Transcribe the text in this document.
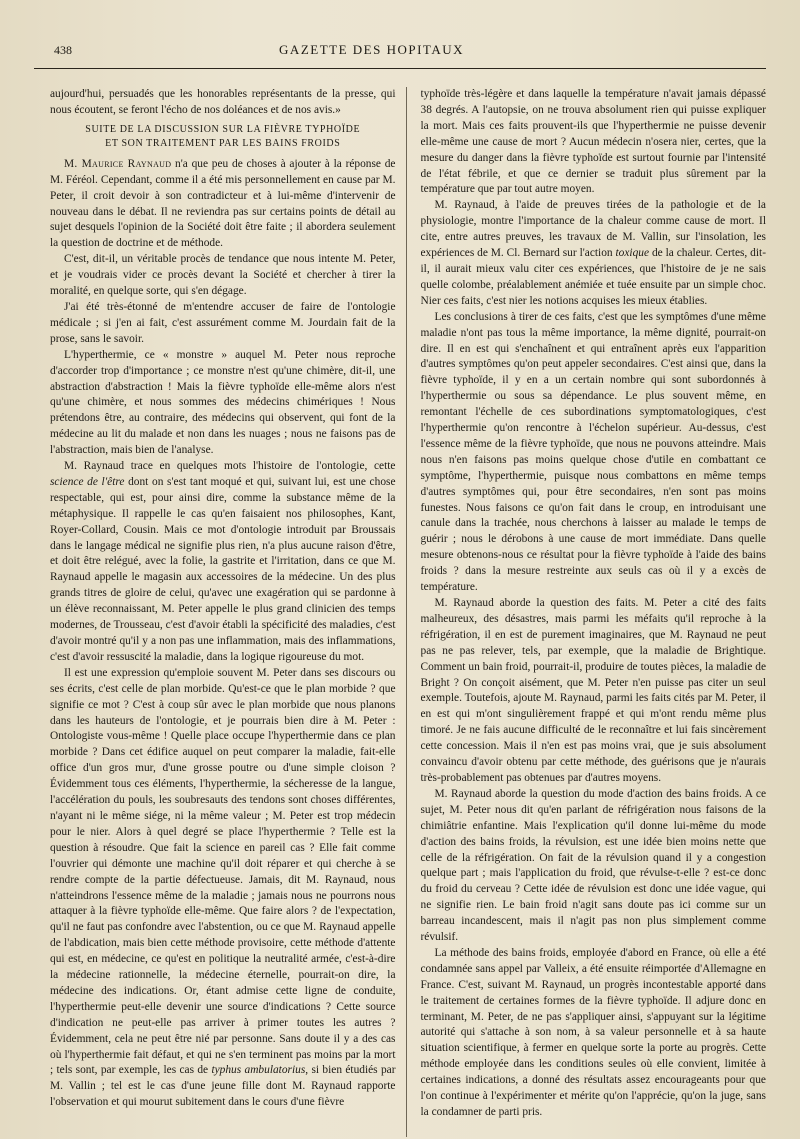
438	GAZETTE DES HOPITAUX

aujourd'hui, persuadés que les honorables représentants de la presse, qui nous écoutent, se feront l'écho de nos doléances et de nos avis.»

SUITE DE LA DISCUSSION SUR LA FIÈVRE TYPHOÏDE
ET SON TRAITEMENT PAR LES BAINS FROIDS

M. Maurice Raynaud n'a que peu de choses à ajouter à la réponse de M. Féréol. Cependant, comme il a été mis personnellement en cause par M. Peter, il croit devoir à son contradicteur et à lui-même d'intervenir de nouveau dans le débat. Il ne reviendra pas sur certains points de détail au sujet desquels l'opinion de la Société doit être faite ; il abordera seulement la question de doctrine et de méthode.

C'est, dit-il, un véritable procès de tendance que nous intente M. Peter, et je voudrais vider ce procès devant la Société et chercher à tirer la moralité, en quelque sorte, qui s'en dégage.

J'ai été très-étonné de m'entendre accuser de faire de l'ontologie médicale ; si j'en ai fait, c'est assurément comme M. Jourdain fait de la prose, sans le savoir.

L'hyperthermie, ce « monstre » auquel M. Peter nous reproche d'accorder trop d'importance ; ce monstre n'est qu'une chimère, dit-il, une abstraction d'abstraction ! Mais la fièvre typhoïde elle-même alors n'est qu'une chimère, et nous sommes des médecins chimériques ! Nous prétendons être, au contraire, des médecins qui observent, qui font de la médecine au lit du malade et non dans les nuages ; nous ne faisons pas de l'abstraction, mais bien de l'analyse.

M. Raynaud trace en quelques mots l'histoire de l'ontologie, cette science de l'être dont on s'est tant moqué et qui, suivant lui, est une chose respectable, qui est, pour ainsi dire, comme la substance même de la métaphysique. Il rappelle le cas qu'en faisaient nos philosophes, Kant, Royer-Collard, Cousin. Mais ce mot d'ontologie introduit par Broussais dans le langage médical ne signifie plus rien, n'a plus aucune raison d'être, et doit être relégué, avec la folie, la gastrite et l'irritation, dans ce que M. Raynaud appelle le magasin aux accessoires de la médecine. Un des plus grands titres de gloire de celui, qu'avec une exagération qui se pardonne à un élève reconnaissant, M. Peter appelle le plus grand clinicien des temps modernes, de Trousseau, c'est d'avoir établi la spécificité des maladies, c'est d'avoir montré qu'il y a non pas une inflammation, mais des inflammations, c'est d'avoir ressuscité la maladie, dans la logique rigoureuse du mot.

Il est une expression qu'emploie souvent M. Peter dans ses discours ou ses écrits, c'est celle de plan morbide. Qu'est-ce que le plan morbide ? que signifie ce mot ? C'est à coup sûr avec le plan morbide que nous planons dans les hauteurs de l'ontologie, et je pourrais bien dire à M. Peter : Ontologiste vous-même ! Quelle place occupe l'hyperthermie dans ce plan morbide ? Dans cet édifice auquel on peut comparer la maladie, fait-elle office d'un gros mur, d'une grosse poutre ou d'une simple cloison ? Évidemment tous ces éléments, l'hyperthermie, la sécheresse de la langue, l'accélération du pouls, les soubresauts des tendons sont choses différentes, n'ayant ni le même siége, ni la même valeur ; M. Peter est trop médecin pour le nier. Alors à quel degré se place l'hyperthermie ? Telle est la question à résoudre. Que fait la science en pareil cas ? Elle fait comme l'ouvrier qui démonte une machine qu'il doit réparer et qui cherche à se rendre compte de la partie défectueuse. Jamais, dit M. Raynaud, nous n'atteindrons l'essence même de la maladie ; jamais nous ne pourrons nous attaquer à la fièvre typhoïde elle-même. Que faire alors ? de l'expectation, qu'il ne faut pas confondre avec l'abstention, ou ce que M. Raynaud appelle de l'abdication, mais bien cette méthode provisoire, cette méthode d'attente qui est, en médecine, ce qu'est en politique la neutralité armée, c'est-à-dire la médecine rationnelle, la médecine éternelle, pourrait-on dire, la médecine des indications. Or, étant admise cette ligne de conduite, l'hyperthermie peut-elle devenir une source d'indications ? Cette source d'indication ne peut-elle pas arriver à primer toutes les autres ? Évidemment, cela ne peut être nié par personne. Sans doute il y a des cas où l'hyperthermie fait défaut, et qui ne s'en terminent pas moins par la mort ; tels sont, par exemple, les cas de typhus ambulatorius, si bien étudiés par M. Vallin ; tel est le cas d'une jeune fille dont M. Raynaud rapporte l'observation et qui mourut subitement dans le cours d'une fièvre

typhoïde très-légère et dans laquelle la température n'avait jamais dépassé 38 degrés. A l'autopsie, on ne trouva absolument rien qui puisse expliquer la mort. Mais ces faits prouvent-ils que l'hyperthermie ne puisse devenir elle-même une cause de mort ? Aucun médecin n'osera nier, certes, que la mesure du danger dans la fièvre typhoïde est surtout fournie par l'intensité de l'état fébrile, et que ce dernier se traduit plus sûrement par la température que par tout autre moyen.

M. Raynaud, à l'aide de preuves tirées de la pathologie et de la physiologie, montre l'importance de la chaleur comme cause de mort. Il cite, entre autres preuves, les travaux de M. Vallin, sur l'insolation, les expériences de M. Cl. Bernard sur l'action toxique de la chaleur. Certes, dit-il, il aurait mieux valu citer ces expériences, que l'histoire de je ne sais quelle colombe, préalablement anémiée et tuée ensuite par un simple choc. Nier ces faits, c'est nier les notions acquises les mieux établies.

Les conclusions à tirer de ces faits, c'est que les symptômes d'une même maladie n'ont pas tous la même importance, la même dignité, pourrait-on dire. Il en est qui s'enchaînent et qui entraînent après eux l'apparition d'autres symptômes qu'on peut appeler secondaires. C'est ainsi que, dans la fièvre typhoïde, il y en a un certain nombre qui sont subordonnés à l'hyperthermie ou sous sa dépendance. Le plus souvent même, en remontant l'échelle de ces subordinations symptomatologiques, c'est l'hyperthermie qu'on rencontre à l'échelon supérieur. Au-dessus, c'est l'essence même de la fièvre typhoïde, que nous ne pouvons atteindre. Mais nous n'en faisons pas moins quelque chose d'utile en combattant ce symptôme, l'hyperthermie, puisque nous combattons en même temps d'autres symptômes qui, pour être secondaires, n'en sont pas moins funestes. Nous faisons ce qu'on fait dans le croup, en introduisant une canule dans la trachée, nous cherchons à laisser au malade le temps de guérir ; nous le dérobons à une cause de mort immédiate. Dans quelle mesure obtenons-nous ce résultat pour la fièvre typhoïde à l'aide des bains froids ? dans la mesure restreinte aux seuls cas où il y a excès de température.

M. Raynaud aborde la question des faits. M. Peter a cité des faits malheureux, des désastres, mais parmi les méfaits qu'il reproche à la réfrigération, il en est de purement imaginaires, que M. Raynaud ne peut pas ne pas relever, tels, par exemple, que la maladie de Brightique. Comment un bain froid, pourrait-il, produire de toutes pièces, la maladie de Bright ? On conçoit aisément, que M. Peter n'en puisse pas citer un seul exemple. Toutefois, ajoute M. Raynaud, parmi les faits cités par M. Peter, il en est qui m'ont singulièrement frappé et qui m'ont rendu même plus timoré. Je ne fais aucune difficulté de le reconnaître et lui fais sincèrement cette concession. Mais il n'en est pas moins vrai, que je suis absolument convaincu d'avoir obtenu par cette méthode, des guérisons que je n'aurais très-probablement pas obtenues par d'autres moyens.

M. Raynaud aborde la question du mode d'action des bains froids. A ce sujet, M. Peter nous dit qu'en parlant de réfrigération nous faisons de la chimiâtrie enfantine. Mais l'explication qu'il donne lui-même du mode d'action des bains froids, la révulsion, est une idée bien moins nette que celle de la réfrigération. On fait de la révulsion quand il y a congestion quelque part ; mais l'application du froid, que révulse-t-elle ? est-ce donc du froid du cerveau ? Cette idée de révulsion est donc une idée vague, qui ne signifie rien. Le bain froid n'agit sans doute pas ici comme sur un barreau incandescent, mais il n'agit pas non plus simplement comme révulsif.

La méthode des bains froids, employée d'abord en France, où elle a été condamnée sans appel par Valleix, a été ensuite réimportée d'Allemagne en France. C'est, suivant M. Raynaud, un progrès incontestable apporté dans le traitement de certaines formes de la fièvre typhoïde. Il adjure donc en terminant, M. Peter, de ne pas s'appliquer ainsi, s'appuyant sur la légitime autorité qui s'attache à son nom, à sa valeur personnelle et à sa haute situation scientifique, à fermer en quelque sorte la porte au progrès. Cette méthode employée dans les conditions seules où elle convient, limitée à certaines indications, a donné des résultats assez encourageants pour que l'on continue à l'expérimenter et mérite qu'on l'apprécie, qu'on la juge, sans la condamner de parti pris.
